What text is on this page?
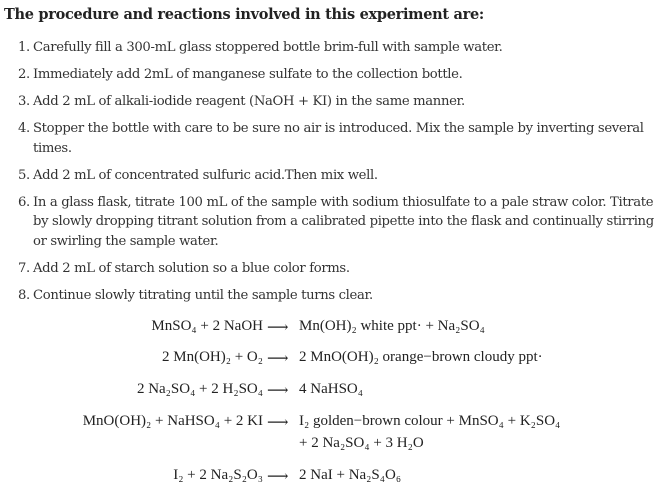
The procedure and reactions involved in this experiment are:
1. Carefully fill a 300-mL glass stoppered bottle brim-full with sample water.
2. Immediately add 2mL of manganese sulfate to the collection bottle.
3. Add 2 mL of alkali-iodide reagent (NaOH + KI) in the same manner.
4. Stopper the bottle with care to be sure no air is introduced. Mix the sample by inverting several times.
5. Add 2 mL of concentrated sulfuric acid.Then mix well.
6. In a glass flask, titrate 100 mL of the sample with sodium thiosulfate to a pale straw color. Titrate by slowly dropping titrant solution from a calibrated pipette into the flask and continually stirring or swirling the sample water.
7. Add 2 mL of starch solution so a blue color forms.
8. Continue slowly titrating until the sample turns clear.
MnSO₄ + 2 NaOH ⟶ Mn(OH)₂ white ppt· + Na₂SO₄
2 Mn(OH)₂ + O₂ ⟶ 2 MnO(OH)₂ orange−brown cloudy ppt·
2 Na₂SO₄ + 2 H₂SO₄ ⟶ 4 NaHSO₄
MnO(OH)₂ + NaHSO₄ + 2 KI ⟶ I₂ golden−brown colour + MnSO₄ + K₂SO₄
+ 2 Na₂SO₄ + 3 H₂O
I₂ + 2 Na₂S₂O₃ ⟶ 2 NaI + Na₂S₄O₆
